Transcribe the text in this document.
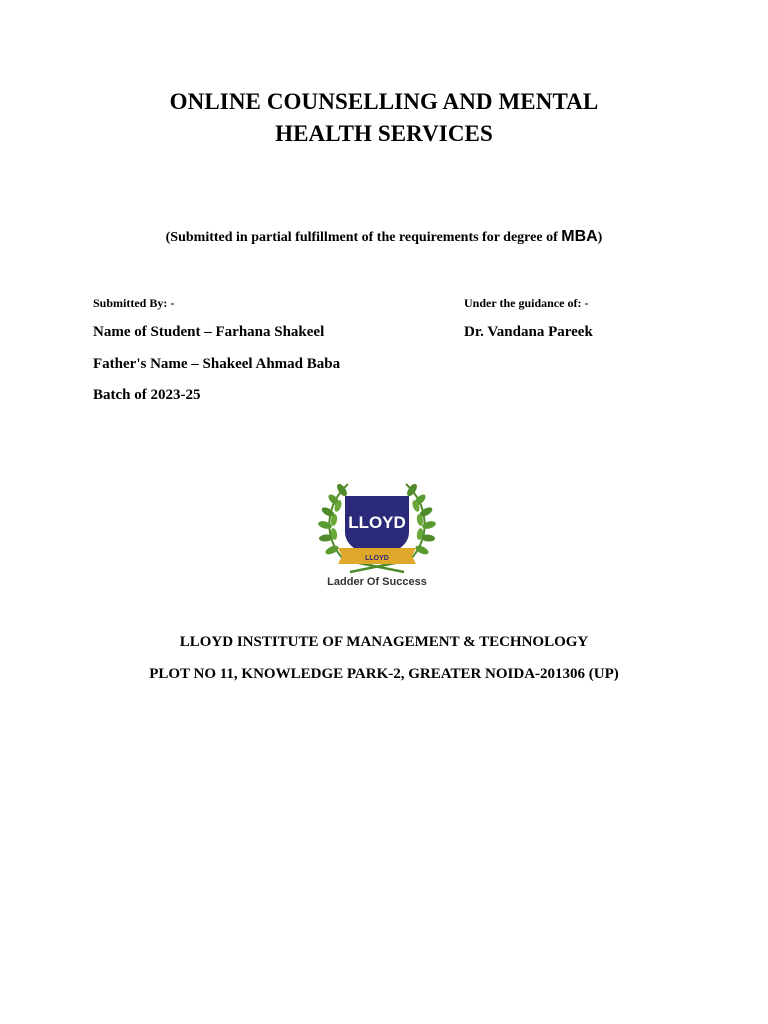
ONLINE COUNSELLING AND MENTAL
HEALTH SERVICES
(Submitted in partial fulfillment of the requirements for degree of MBA)
Submitted By: -	Under the guidance of: -
Name of Student – Farhana Shakeel
Father's Name – Shakeel Ahmad Baba
Batch of 2023-25
Dr. Vandana Pareek
LLOYD
LLOYD
Ladder Of Success
LLOYD INSTITUTE OF MANAGEMENT & TECHNOLOGY
PLOT NO 11, KNOWLEDGE PARK-2, GREATER NOIDA-201306 (UP)
